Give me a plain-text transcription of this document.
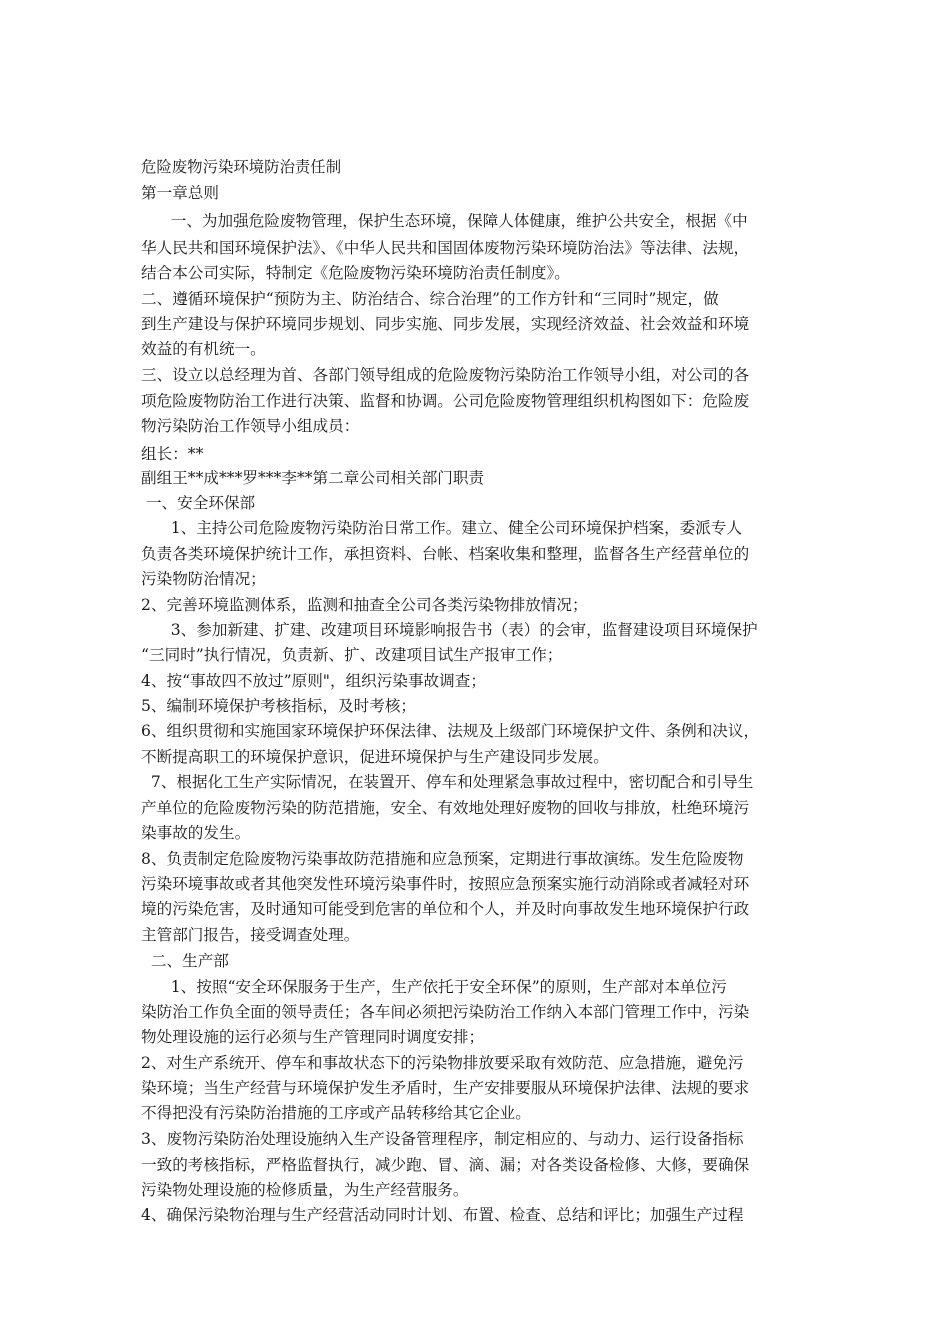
危险废物污染环境防治责任制
第一章总则
一、为加强危险废物管理，保护生态环境，保障人体健康，维护公共安全，根据《中
华人民共和国环境保护法》、《中华人民共和国固体废物污染环境防治法》等法律、法规，
结合本公司实际，特制定《危险废物污染环境防治责任制度》。
二、遵循环境保护“预防为主、防治结合、综合治理”的工作方针和“三同时”规定，做
到生产建设与保护环境同步规划、同步实施、同步发展，实现经济效益、社会效益和环境
效益的有机统一。
三、设立以总经理为首、各部门领导组成的危险废物污染防治工作领导小组，对公司的各
项危险废物防治工作进行决策、监督和协调。公司危险废物管理组织机构图如下：危险废
物污染防治工作领导小组成员：
组长：**
副组王**成***罗***李**第二章公司相关部门职责
一、安全环保部
1、主持公司危险废物污染防治日常工作。建立、健全公司环境保护档案，委派专人
负责各类环境保护统计工作，承担资料、台帐、档案收集和整理，监督各生产经营单位的
污染物防治情况；
2、完善环境监测体系，监测和抽查全公司各类污染物排放情况；
3、参加新建、扩建、改建项目环境影响报告书（表）的会审，监督建设项目环境保护
“三同时”执行情况，负责新、扩、改建项目试生产报审工作；
4、按“事故四不放过”原则"，组织污染事故调查；
5、编制环境保护考核指标，及时考核；
6、组织贯彻和实施国家环境保护环保法律、法规及上级部门环境保护文件、条例和决议，
不断提高职工的环境保护意识，促进环境保护与生产建设同步发展。
7、根据化工生产实际情况，在装置开、停车和处理紧急事故过程中，密切配合和引导生
产单位的危险废物污染的防范措施，安全、有效地处理好废物的回收与排放，杜绝环境污
染事故的发生。
8、负责制定危险废物污染事故防范措施和应急预案，定期进行事故演练。发生危险废物
污染环境事故或者其他突发性环境污染事件时，按照应急预案实施行动消除或者减轻对环
境的污染危害，及时通知可能受到危害的单位和个人，并及时向事故发生地环境保护行政
主管部门报告，接受调查处理。
二、生产部
1、按照“安全环保服务于生产，生产依托于安全环保”的原则，生产部对本单位污
染防治工作负全面的领导责任；各车间必须把污染防治工作纳入本部门管理工作中，污染
物处理设施的运行必须与生产管理同时调度安排；
2、对生产系统开、停车和事故状态下的污染物排放要采取有效防范、应急措施，避免污
染环境；当生产经营与环境保护发生矛盾时，生产安排要服从环境保护法律、法规的要求
不得把没有污染防治措施的工序或产品转移给其它企业。
3、废物污染防治处理设施纳入生产设备管理程序，制定相应的、与动力、运行设备指标
一致的考核指标，严格监督执行，减少跑、冒、滴、漏；对各类设备检修、大修，要确保
污染物处理设施的检修质量，为生产经营服务。
4、确保污染物治理与生产经营活动同时计划、布置、检查、总结和评比；加强生产过程
